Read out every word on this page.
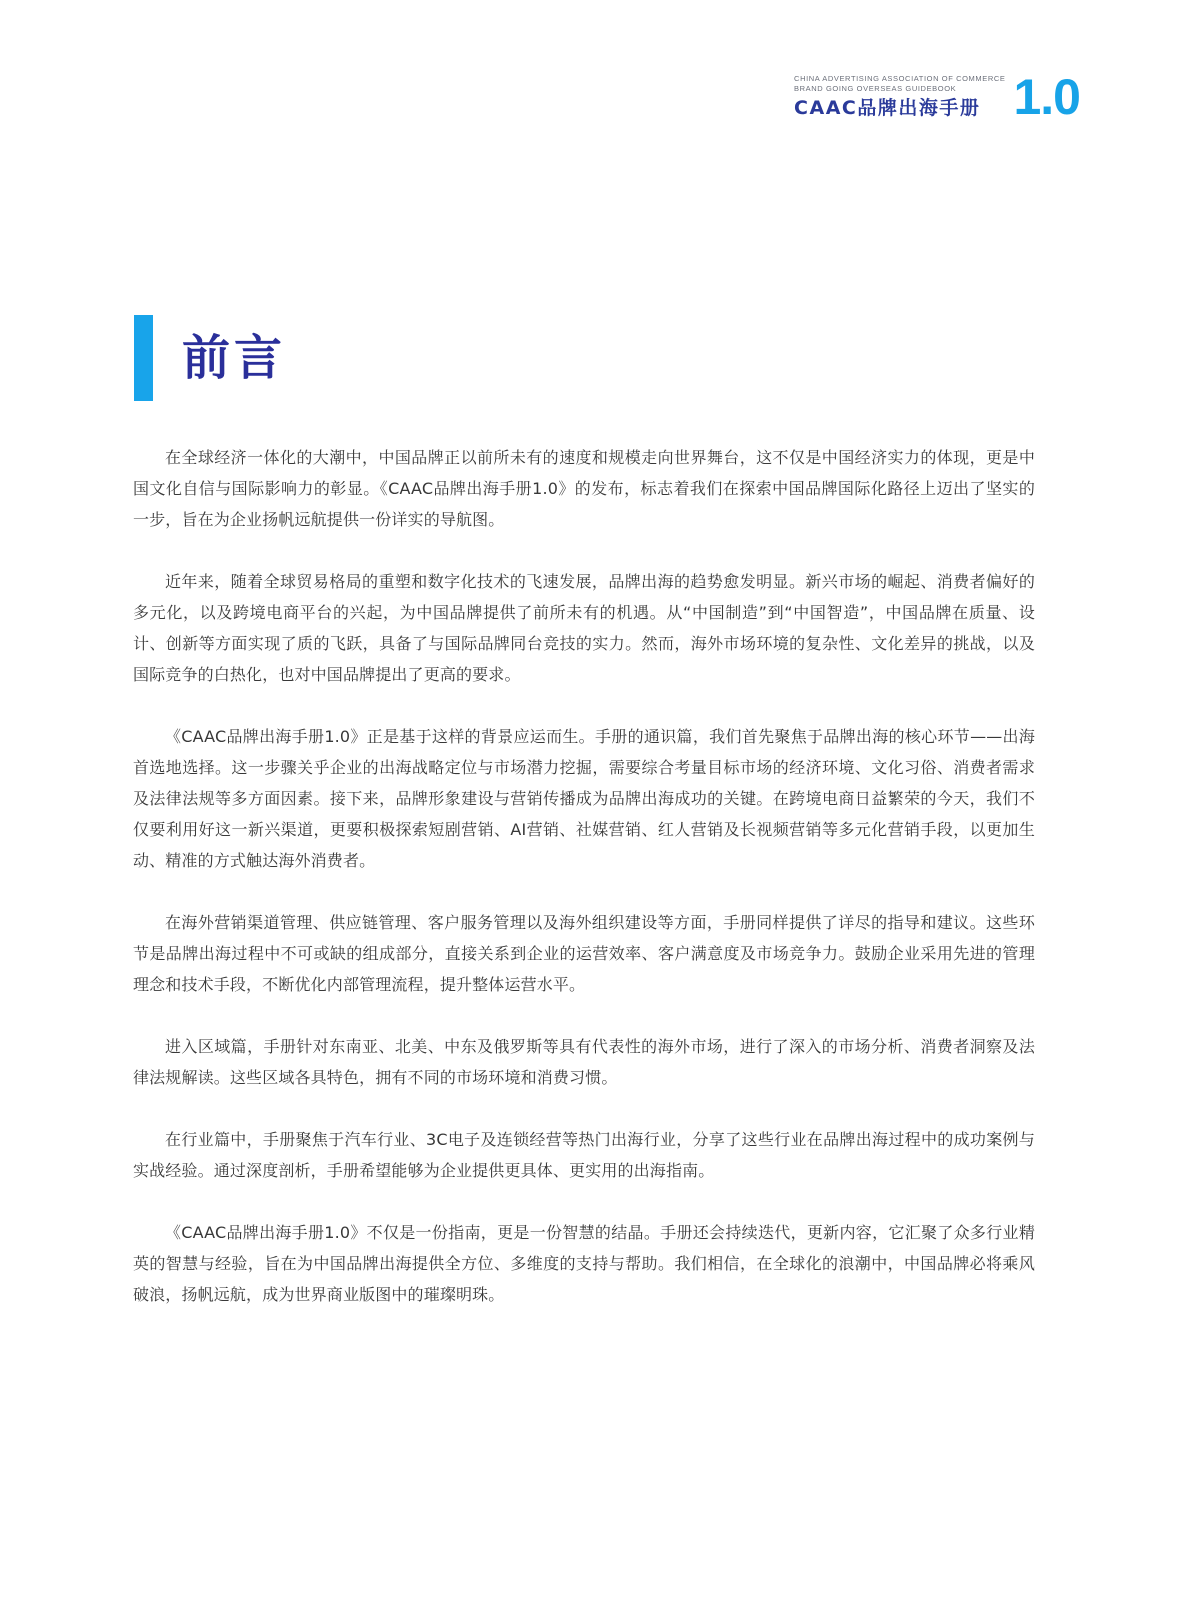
CHINA ADVERTISING ASSOCIATION OF COMMERCE
BRAND GOING OVERSEAS GUIDEBOOK
CAAC品牌出海手册 1.0
前言

在全球经济一体化的大潮中，中国品牌正以前所未有的速度和规模走向世界舞台，这不仅是中国经济实力的体现，更是中国文化自信与国际影响力的彰显。《CAAC品牌出海手册1.0》的发布，标志着我们在探索中国品牌国际化路径上迈出了坚实的一步，旨在为企业扬帆远航提供一份详实的导航图。

近年来，随着全球贸易格局的重塑和数字化技术的飞速发展，品牌出海的趋势愈发明显。新兴市场的崛起、消费者偏好的多元化，以及跨境电商平台的兴起，为中国品牌提供了前所未有的机遇。从“中国制造”到“中国智造”，中国品牌在质量、设计、创新等方面实现了质的飞跃，具备了与国际品牌同台竞技的实力。然而，海外市场环境的复杂性、文化差异的挑战，以及国际竞争的白热化，也对中国品牌提出了更高的要求。

《CAAC品牌出海手册1.0》正是基于这样的背景应运而生。手册的通识篇，我们首先聚焦于品牌出海的核心环节——出海首选地选择。这一步骤关乎企业的出海战略定位与市场潜力挖掘，需要综合考量目标市场的经济环境、文化习俗、消费者需求及法律法规等多方面因素。接下来，品牌形象建设与营销传播成为品牌出海成功的关键。在跨境电商日益繁荣的今天，我们不仅要利用好这一新兴渠道，更要积极探索短剧营销、AI营销、社媒营销、红人营销及长视频营销等多元化营销手段，以更加生动、精准的方式触达海外消费者。

在海外营销渠道管理、供应链管理、客户服务管理以及海外组织建设等方面，手册同样提供了详尽的指导和建议。这些环节是品牌出海过程中不可或缺的组成部分，直接关系到企业的运营效率、客户满意度及市场竞争力。鼓励企业采用先进的管理理念和技术手段，不断优化内部管理流程，提升整体运营水平。

进入区域篇，手册针对东南亚、北美、中东及俄罗斯等具有代表性的海外市场，进行了深入的市场分析、消费者洞察及法律法规解读。这些区域各具特色，拥有不同的市场环境和消费习惯。

在行业篇中，手册聚焦于汽车行业、3C电子及连锁经营等热门出海行业，分享了这些行业在品牌出海过程中的成功案例与实战经验。通过深度剖析，手册希望能够为企业提供更具体、更实用的出海指南。

《CAAC品牌出海手册1.0》不仅是一份指南，更是一份智慧的结晶。手册还会持续迭代，更新内容，它汇聚了众多行业精英的智慧与经验，旨在为中国品牌出海提供全方位、多维度的支持与帮助。我们相信，在全球化的浪潮中，中国品牌必将乘风破浪，扬帆远航，成为世界商业版图中的璀璨明珠。
